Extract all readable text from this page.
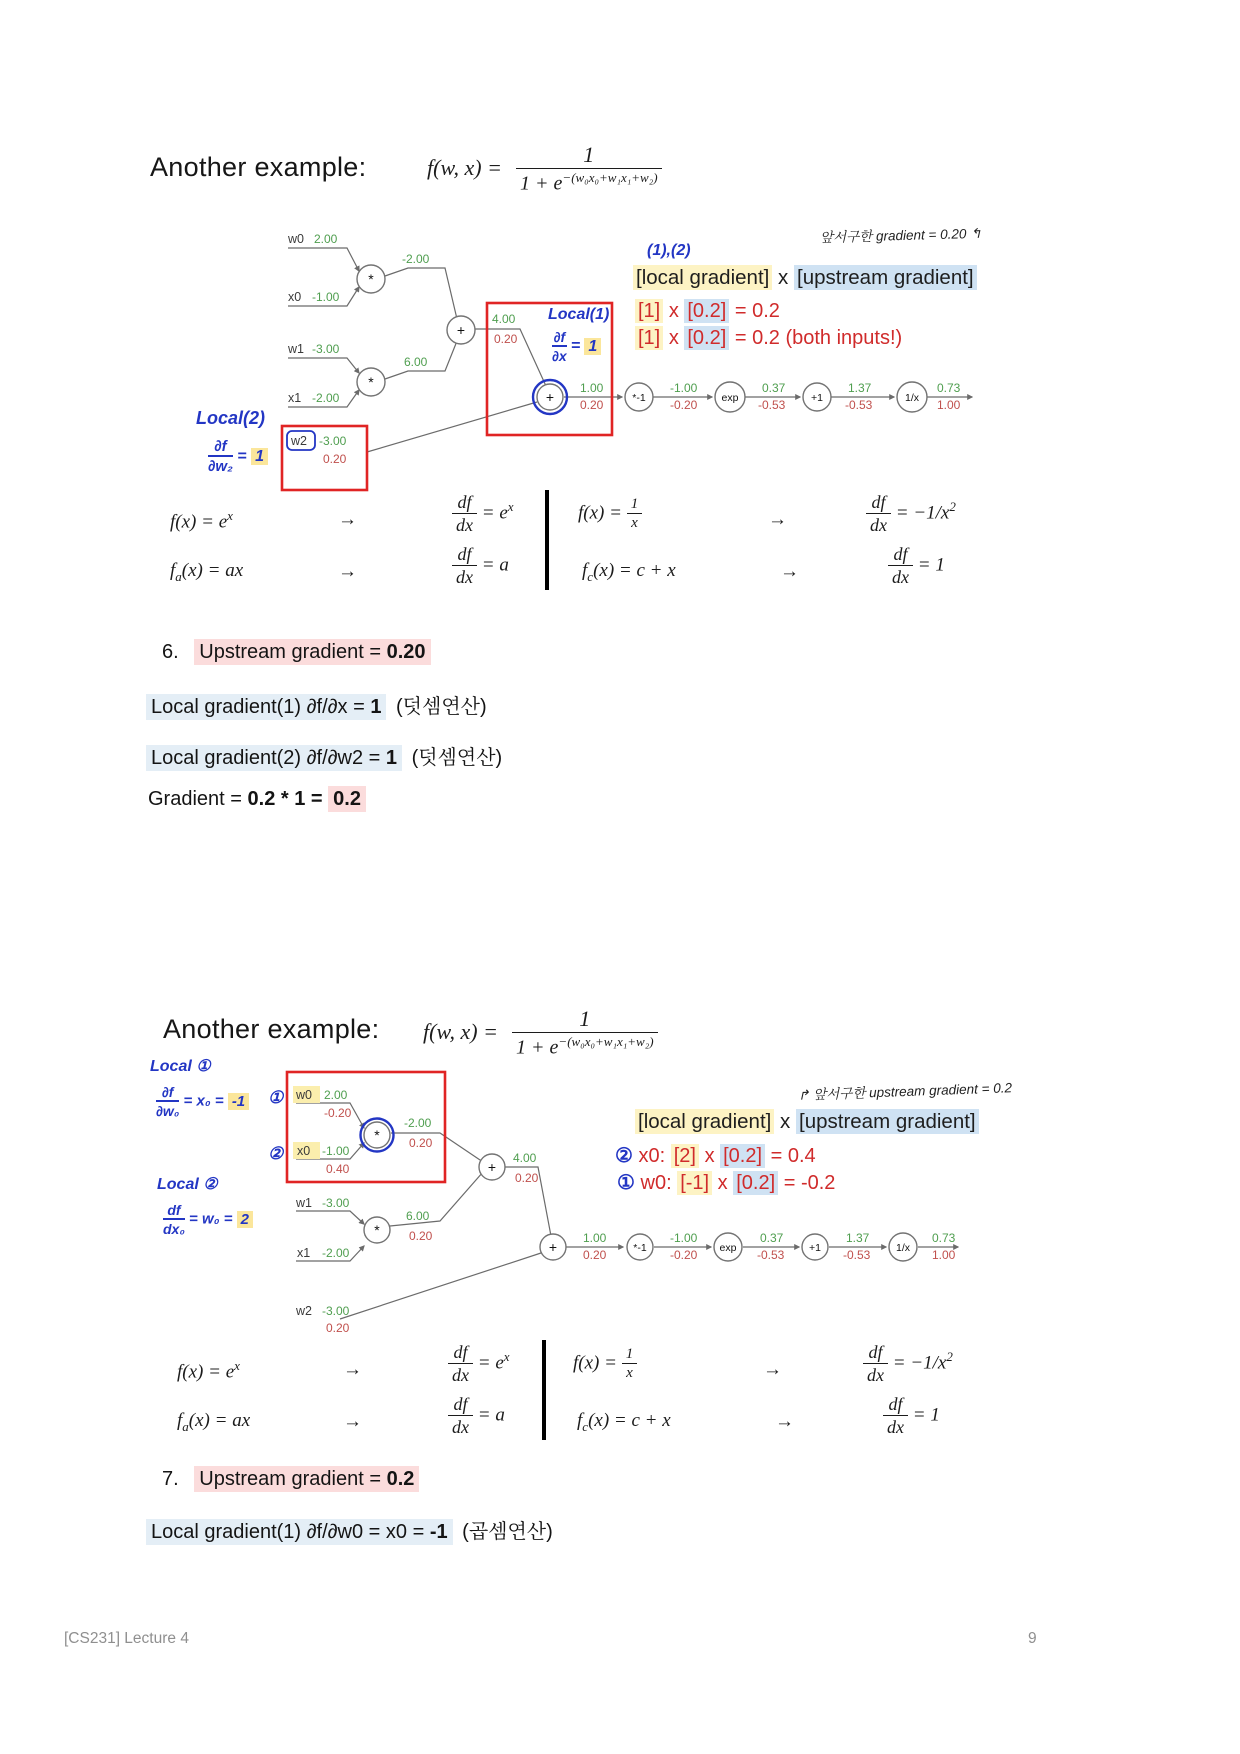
Another example:	f(w, $x) = \frac{1}{1 + e^{-(w_0x_0+w_1x_1+w_2)}}$
w0 2.00
x0 -1.00
w1 -3.00
x1 -2.00
w2 -3.00
0.20
*
-2.00
*
6.00
+
4.00
0.20
+
1.00
0.20	*-1
-1.00
-0.20 exp
0.37
-0.53 +1
1.37
-0.53	1/x
0.73
1.00
Local(1)
$\frac{\partial f}{\partial x} = 1$
Local(2)
$\frac{\partial f}{\text{∂w₂}} = 1$
(1),(2)
앞서구한 gradient = 0.20 ↰
[local gradient] x [upstream gradient]
[1] x [0.2] = 0.2
[1] x [0.2] = 0.2 (both inputs!)
$f(x) = e^x$	→	$\frac{df}{dx} = e^x$	$f(x) = \frac{1}{x}$	→	$\frac{df}{dx} = -1/x^2$
$f_a(x)$ = ax	→	$\frac{df}{dx} = a$	$f_c(x) = c + x$	→	$\frac{df}{dx} = 1$
6. Upstream gradient = 0.20
Local gradient(1) ∂f/∂x = 1 (덧셈연산)
Local gradient(2) ∂f/∂w2 = 1 (덧셈연산)
Gradient = 0.2 * 1 = 0.2
Another example: f(w, $x) = \frac{1}{1 + e^{-(w_0x_0+w_1x_1+w_2)}}$
Local ①
$\frac{\partial f}{\text{∂w₀}} = x_0 = -1$ ①
②
Local ②
$\frac{df}{\text{dx₀}} = w_0 = 2$
w0 2.00
-0.20
x0 -1.00
0.40
w1 -3.00
x1 -2.00
w2 -3.00
0.20
*
-2.00
0.20
*
6.00
0.20
+
4.00
0.20
+
1.00
0.20	*-1
-1.00
-0.20 exp
0.37
-0.53 +1
1.37
-0.53 1/x
0.73
1.00
↱ 앞서구한 upstream gradient = 0.2
[local gradient] x [upstream gradient]
② x0: [2] x [0.2] = 0.4
① w0: [-1] x [0.2] = -0.2
$f(x) = e^x$	→	$\frac{df}{dx} = e^x$	$f(x) = \frac{1}{x}$	→	$\frac{df}{dx} = -1/x^2$
$f_a(x)$ = ax	→	$\frac{df}{dx} = a$	$f_c(x) = c + x$	→	$\frac{df}{dx} = 1$
7. Upstream gradient = 0.2
Local gradient(1) ∂f/∂w0 = x0 = -1 (곱셈연산)
[CS231] Lecture 4	9
